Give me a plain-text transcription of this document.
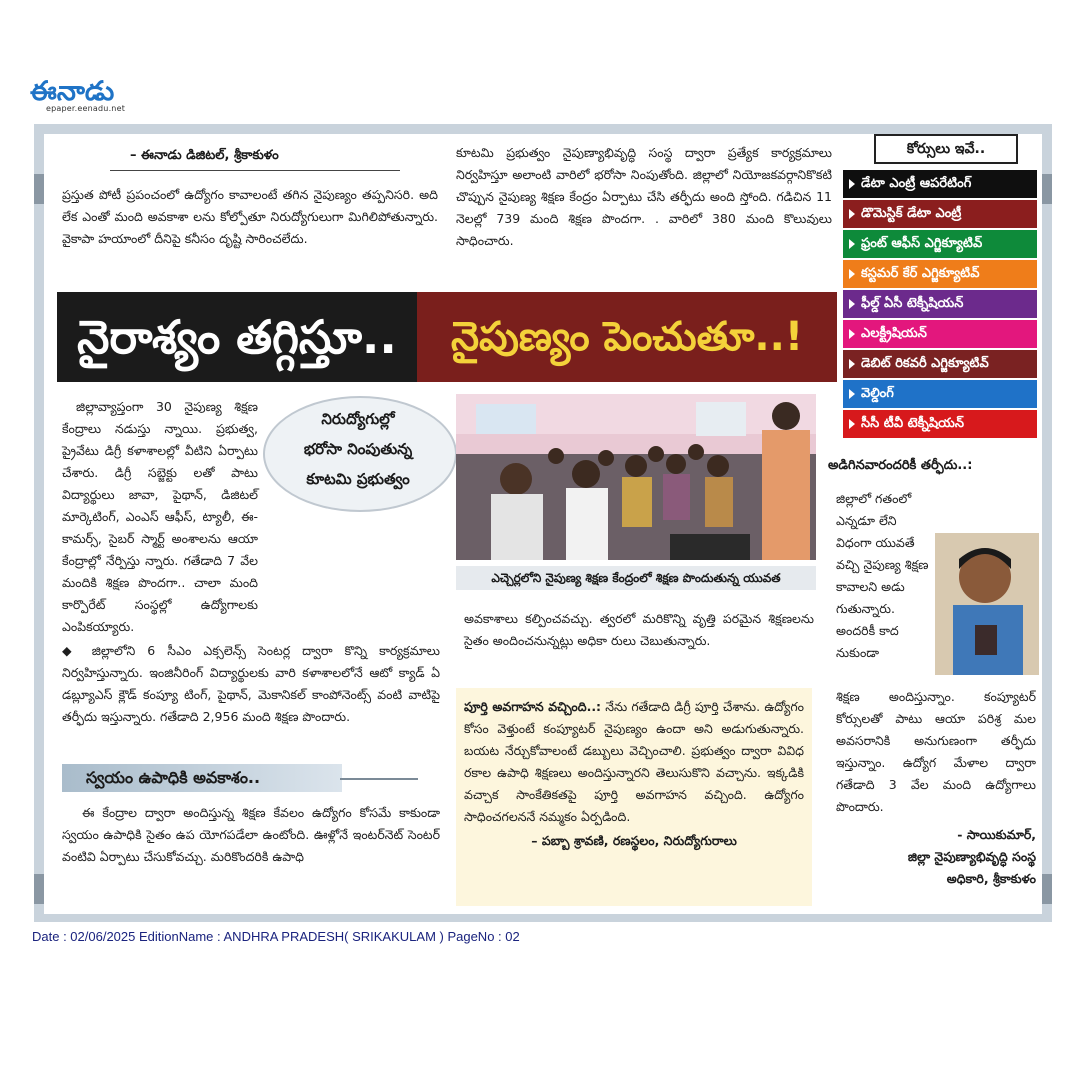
ఈనాడు
epaper.eenadu.net
– ఈనాడు డిజిటల్, శ్రీకాకుళం

ప్రస్తుత పోటీ ప్రపంచంలో ఉద్యోగం కావాలంటే తగిన నైపుణ్యం తప్పనిసరి. అది లేక ఎంతో మంది అవకాశా లను కోల్పోతూ నిరుద్యోగులుగా మిగిలిపోతున్నారు. వైకాపా హయాంలో దీనిపై కనీసం దృష్టి సారించలేదు.

కూటమి ప్రభుత్వం నైపుణ్యాభివృద్ధి సంస్థ ద్వారా ప్రత్యేక కార్యక్రమాలు నిర్వహిస్తూ అలాంటి వారిలో భరోసా నింపుతోంది. జిల్లాలో నియోజకవర్గానికొకటి చొప్పున నైపుణ్య శిక్షణ కేంద్రం ఏర్పాటు చేసి తర్ఫీదు అంది స్తోంది. గడిచిన 11 నెలల్లో 739 మంది శిక్షణ పొందగా. . వారిలో 380 మంది కొలువులు సాధించారు.

నైరాశ్యం తగ్గిస్తూ..	నైపుణ్యం పెంచుతూ..!
కోర్సులు ఇవే..
డేటా ఎంట్రీ ఆపరేటింగ్
డొమెస్టిక్ డేటా ఎంట్రీ
ఫ్రంట్ ఆఫీస్ ఎగ్జిక్యూటివ్
కస్టమర్ కేర్ ఎగ్జిక్యూటివ్
ఫీల్డ్ ఏసీ టెక్నీషియన్
ఎలక్ట్రీషియన్
డెబిట్ రికవరీ ఎగ్జిక్యూటివ్
వెల్డింగ్
సీసీ టీవీ టెక్నీషియన్
నిరుద్యోగుల్లో
భరోసా నింపుతున్న
కూటమి ప్రభుత్వం

జిల్లావ్యాప్తంగా 30 నైపుణ్య శిక్షణ కేంద్రాలు నడుస్తు న్నాయి. ప్రభుత్వ, ప్రైవేటు డిగ్రీ కళాశాలల్లో వీటిని ఏర్పాటు చేశారు. డిగ్రీ సబ్జెక్టు లతో పాటు విద్యార్థులు జావా, పైథాన్, డిజిటల్ మార్కెటింగ్, ఎంఎస్ ఆఫీస్, ట్యాలీ, ఈ-కామర్స్, సైబర్ స్మార్ట్ అంశాలను ఆయా కేంద్రాల్లో నేర్పిస్తు న్నారు. గతేడాది 7 వేల మందికి శిక్షణ పొందగా.. చాలా మంది కార్పొరేట్ సంస్థల్లో ఉద్యోగాలకు ఎంపికయ్యారు.

◆ జిల్లాలోని 6 సీఎం ఎక్సలెన్స్ సెంటర్ల ద్వారా కొన్ని కార్యక్రమాలు నిర్వహిస్తున్నారు. ఇంజినీరింగ్ విద్యార్థులకు వారి కళాశాలలోనే ఆటో క్యాడ్ ఏ డబ్ల్యూఎస్ క్లౌడ్ కంప్యూ టింగ్, పైథాన్, మెకానికల్ కాంపోనెంట్స్ వంటి వాటిపై తర్ఫీదు ఇస్తున్నారు. గతేడాది 2,956 మంది శిక్షణ పొందారు.

స్వయం ఉపాధికి అవకాశం..

ఈ కేంద్రాల ద్వారా అందిస్తున్న శిక్షణ కేవలం ఉద్యోగం కోసమే కాకుండా స్వయం ఉపాధికి సైతం ఉప యోగపడేలా ఉంటోంది. ఊళ్లోనే ఇంటర్‌నెట్ సెంటర్ వంటివి ఏర్పాటు చేసుకోవచ్చు. మరికొందరికి ఉపాధి

ఎచ్చెర్లలోని నైపుణ్య శిక్షణ కేంద్రంలో శిక్షణ పొందుతున్న యువత

అవకాశాలు కల్పించవచ్చు. త్వరలో మరికొన్ని వృత్తి పరమైన శిక్షణలను సైతం అందించనున్నట్లు అధికా రులు చెబుతున్నారు.

పూర్తి అవగాహన వచ్చింది..: నేను గతేడాది డిగ్రీ పూర్తి చేశాను. ఉద్యోగం కోసం వెళ్తుంటే కంప్యూటర్ నైపుణ్యం ఉందా అని అడుగుతున్నారు. బయట నేర్చుకోవాలంటే డబ్బులు వెచ్చించాలి. ప్రభుత్వం ద్వారా వివిధ రకాల ఉపాధి శిక్షణలు అందిస్తున్నారని తెలుసుకొని వచ్చాను. ఇక్కడికి వచ్చాక సాంకేతికతపై పూర్తి అవగాహన వచ్చింది. ఉద్యోగం సాధించగలననే నమ్మకం ఏర్పడింది.

– పబ్బా శ్రావణి, రణస్థలం, నిరుద్యోగురాలు

అడిగినవారందరికీ తర్ఫీదు..:

జిల్లాలో గతంలో ఎన్నడూ లేని విధంగా యువతే వచ్చి నైపుణ్య శిక్షణ కావాలని అడు గుతున్నారు. అందరికీ కాద నుకుండా

శిక్షణ అందిస్తున్నాం. కంప్యూటర్ కోర్సులతో పాటు ఆయా పరిశ్ర మల అవసరానికి అనుగుణంగా తర్ఫీదు ఇస్తున్నాం. ఉద్యోగ మేళాల ద్వారా గతేడాది 3 వేల మంది ఉద్యోగాలు పొందారు.

- సాయికుమార్,

జిల్లా నైపుణ్యాభివృద్ధి సంస్థ

అధికారి, శ్రీకాకుళం

Date : 02/06/2025 EditionName : ANDHRA PRADESH( SRIKAKULAM ) PageNo : 02
